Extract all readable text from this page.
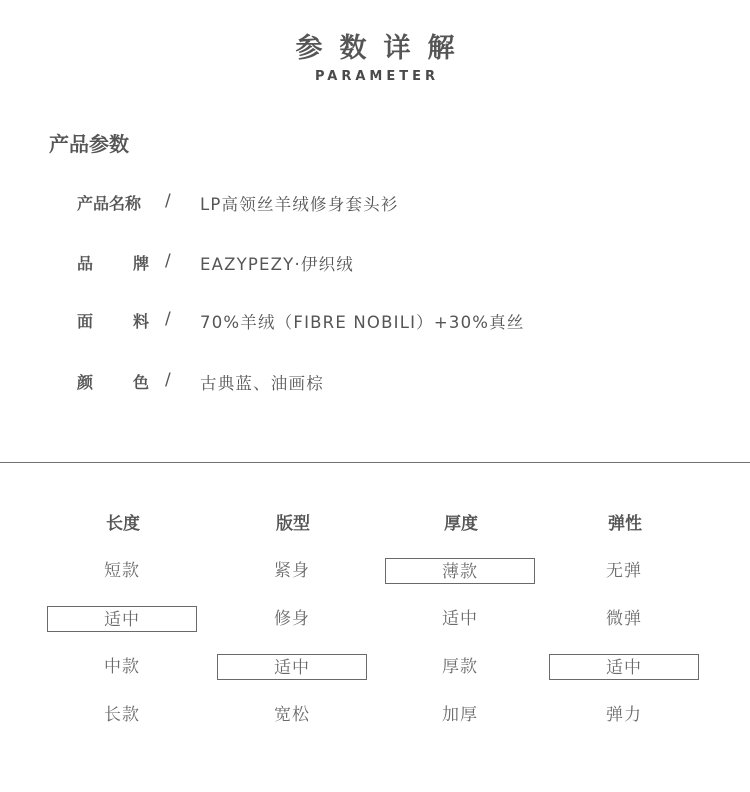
参数详解
PARAMETER
产品参数
产品名称 / LP高领丝羊绒修身套头衫
品 牌 / EAZYPEZY·伊织绒
面 料 / 70%羊绒（FIBRE NOBILI）+30%真丝
颜 色 / 古典蓝、油画棕
长度
短款
适中
中款
长款
版型
紧身
修身
适中
宽松
厚度
薄款
适中
厚款
加厚
弹性
无弹
微弹
适中
弹力
